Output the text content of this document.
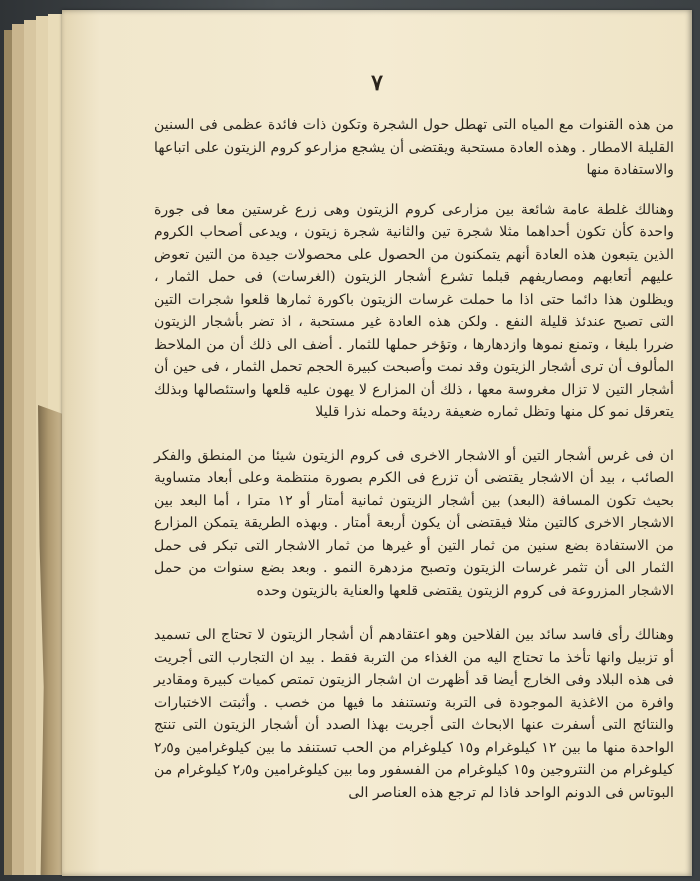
٧

من هذه القنوات مع المياه التى تهطل حول الشجرة وتكون ذات فائدة عظمى فى السنين القليلة الامطار . وهذه العادة مستحبة ويقتضى أن يشجع مزارعو كروم الزيتون على اتباعها والاستفادة منها

وهنالك غلطة عامة شائعة بين مزارعى كروم الزيتون وهى زرع غرستين معا فى جورة واحدة كأن تكون أحداهما مثلا شجرة تين والثانية شجرة زيتون ، ويدعى أصحاب الكروم الذين يتبعون هذه العادة أنهم يتمكنون من الحصول على محصولات جيدة من التين تعوض عليهم أتعابهم ومصاريفهم قبلما تشرع أشجار الزيتون (الغرسات) فى حمل الثمار ، ويظلون هذا دائما حتى اذا ما حملت غرسات الزيتون باكورة ثمارها قلعوا شجرات التين التى تصبح عندئذ قليلة النفع . ولكن هذه العادة غير مستحبة ، اذ تضر بأشجار الزيتون ضررا بليغا ، وتمنع نموها وازدهارها ، وتؤخر حملها للثمار . أضف الى ذلك أن من الملاحظ المألوف أن ترى أشجار الزيتون وقد نمت وأصبحت كبيرة الحجم تحمل الثمار ، فى حين أن أشجار التين لا تزال مغروسة معها ، ذلك أن المزارع لا يهون عليه قلعها واستئصالها وبذلك يتعرقل نمو كل منها وتظل ثماره ضعيفة رديئة وحمله نذرا قليلا

ان فى غرس أشجار التين أو الاشجار الاخرى فى كروم الزيتون شيئا من المنطق والفكر الصائب ، بيد أن الاشجار يقتضى أن تزرع فى الكرم بصورة منتظمة وعلى أبعاد متساوية بحيث تكون المسافة (البعد) بين أشجار الزيتون ثمانية أمتار أو ١٢ مترا ، أما البعد بين الاشجار الاخرى كالتين مثلا فيقتضى أن يكون أربعة أمتار . وبهذه الطريقة يتمكن المزارع من الاستفادة بضع سنين من ثمار التين أو غيرها من ثمار الاشجار التى تبكر فى حمل الثمار الى أن تثمر غرسات الزيتون وتصبح مزدهرة النمو . وبعد بضع سنوات من حمل الاشجار المزروعة فى كروم الزيتون يقتضى قلعها والعناية بالزيتون وحده

وهنالك رأى فاسد سائد بين الفلاحين وهو اعتقادهم أن أشجار الزيتون لا تحتاج الى تسميد أو تزبيل وانها تأخذ ما تحتاج اليه من الغذاء من التربة فقط . بيد ان التجارب التى أجريت فى هذه البلاد وفى الخارج أيضا قد أظهرت ان اشجار الزيتون تمتص كميات كبيرة ومقادير وافرة من الاغذية الموجودة فى التربة وتستنفد ما فيها من خصب . وأثبتت الاختبارات والنتائج التى أسفرت عنها الابحاث التى أجريت بهذا الصدد أن أشجار الزيتون التى تنتج الواحدة منها ما بين ١٢ كيلوغرام و١٥ كيلوغرام من الحب تستنفد ما بين كيلوغرامين و٢٫٥ كيلوغرام من النتروجين و١٥ كيلوغرام من الفسفور وما بين كيلوغرامين و٢٫٥ كيلوغرام من البوتاس فى الدونم الواحد فاذا لم ترجع هذه العناصر الى
